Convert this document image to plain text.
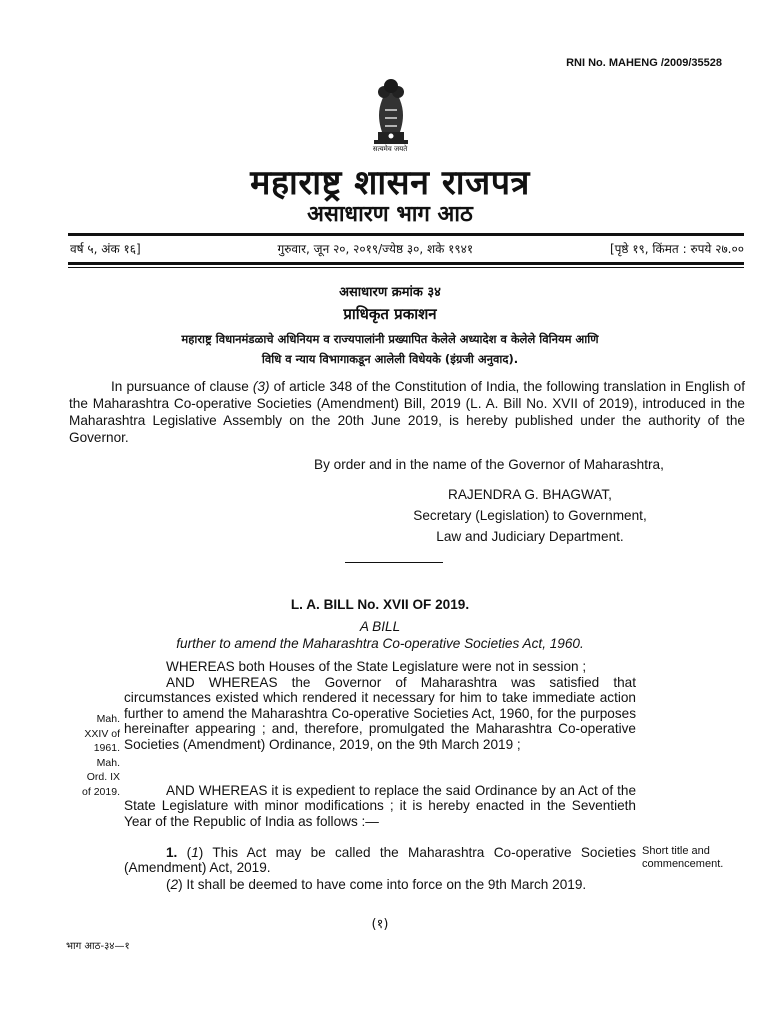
RNI No. MAHENG /2009/35528
सत्यमेव जयते
महाराष्ट्र शासन राजपत्र
असाधारण भाग आठ
वर्ष ५, अंक १६]	गुरुवार, जून २०, २०१९/ज्येष्ठ ३०, शके १९४१	[पृष्ठे १९, किंमत : रुपये २७.००
असाधारण क्रमांक ३४
प्राधिकृत प्रकाशन
महाराष्ट्र विधानमंडळाचे अधिनियम व राज्यपालांनी प्रख्यापित केलेले अध्यादेश व केलेले विनियम आणि
विधि व न्याय विभागाकडून आलेली विधेयके (इंग्रजी अनुवाद).
In pursuance of clause (3) of article 348 of the Constitution of India, the following translation in English of the Maharashtra Co-operative Societies (Amendment) Bill, 2019 (L. A. Bill No. XVII of 2019), introduced in the Maharashtra Legislative Assembly on the 20th June 2019, is hereby published under the authority of the Governor.
By order and in the name of the Governor of Maharashtra,
RAJENDRA G. BHAGWAT,
Secretary (Legislation) to Government,
Law and Judiciary Department.
L. A. BILL No. XVII OF 2019.
A BILL
further to amend the Maharashtra Co-operative Societies Act, 1960.
WHEREAS both Houses of the State Legislature were not in session ;
AND WHEREAS the Governor of Maharashtra was satisfied that circumstances existed which rendered it necessary for him to take immediate action further to amend the Maharashtra Co-operative Societies Act, 1960, for the purposes hereinafter appearing ; and, therefore, promulgated the Maharashtra Co-operative Societies (Amendment) Ordinance, 2019, on the 9th March 2019 ;
Mah.
XXIV of
1961.
Mah.
Ord. IX
of 2019.	AND WHEREAS it is expedient to replace the said Ordinance by an Act of the State Legislature with minor modifications ; it is hereby enacted in the Seventieth Year of the Republic of India as follows :—
1. (1) This Act may be called the Maharashtra Co-operative Societies (Amendment) Act, 2019.
(2) It shall be deemed to have come into force on the 9th March 2019.
Short title and
commencement.
(१)
भाग आठ-३४—१
